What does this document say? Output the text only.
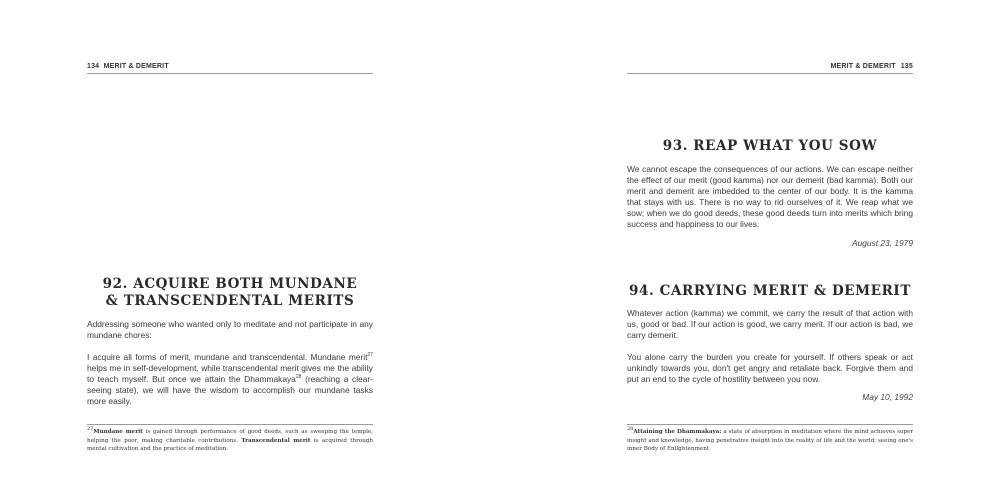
134 MERIT & DEMERIT
92. ACQUIRE BOTH MUNDANE
& TRANSCENDENTAL MERITS

Addressing someone who wanted only to meditate and not participate in any mundane chores:

I acquire all forms of merit, mundane and transcendental. Mundane merit$^{27}$ helps me in self-development, while transcendental merit gives me the ability to teach myself. But once we attain the Dhammakaya$^{28}$ (reaching a clear-seeing state), we will have the wisdom to accomplish our mundane tasks more easily.

$^{27}$Mundane merit is gained through performance of good deeds, such as sweeping the temple, helping the poor, making charitable contributions. Transcendental merit is acquired through mental cultivation and the practice of meditation.
MERIT & DEMERIT 135
93. REAP WHAT YOU SOW

We cannot escape the consequences of our actions. We can escape neither the effect of our merit (good kamma) nor our demerit (bad kamma). Both our merit and demerit are imbedded to the center of our body. It is the kamma that stays with us. There is no way to rid ourselves of it. We reap what we sow; when we do good deeds, these good deeds turn into merits which bring success and happiness to our lives.

August 23, 1979
94. CARRYING MERIT & DEMERIT

Whatever action (kamma) we commit, we carry the result of that action with us, good or bad. If our action is good, we carry merit. If our action is bad, we carry demerit.

You alone carry the burden you create for yourself. If others speak or act unkindly towards you, don't get angry and retaliate back. Forgive them and put an end to the cycle of hostility between you now.

May 10, 1992
$^{28}$Attaining the Dhammakaya: a state of absorption in meditation where the mind achieves super insight and knowledge, having penetrative insight into the reality of life and the world; seeing one's inner Body of Enlightenment.
